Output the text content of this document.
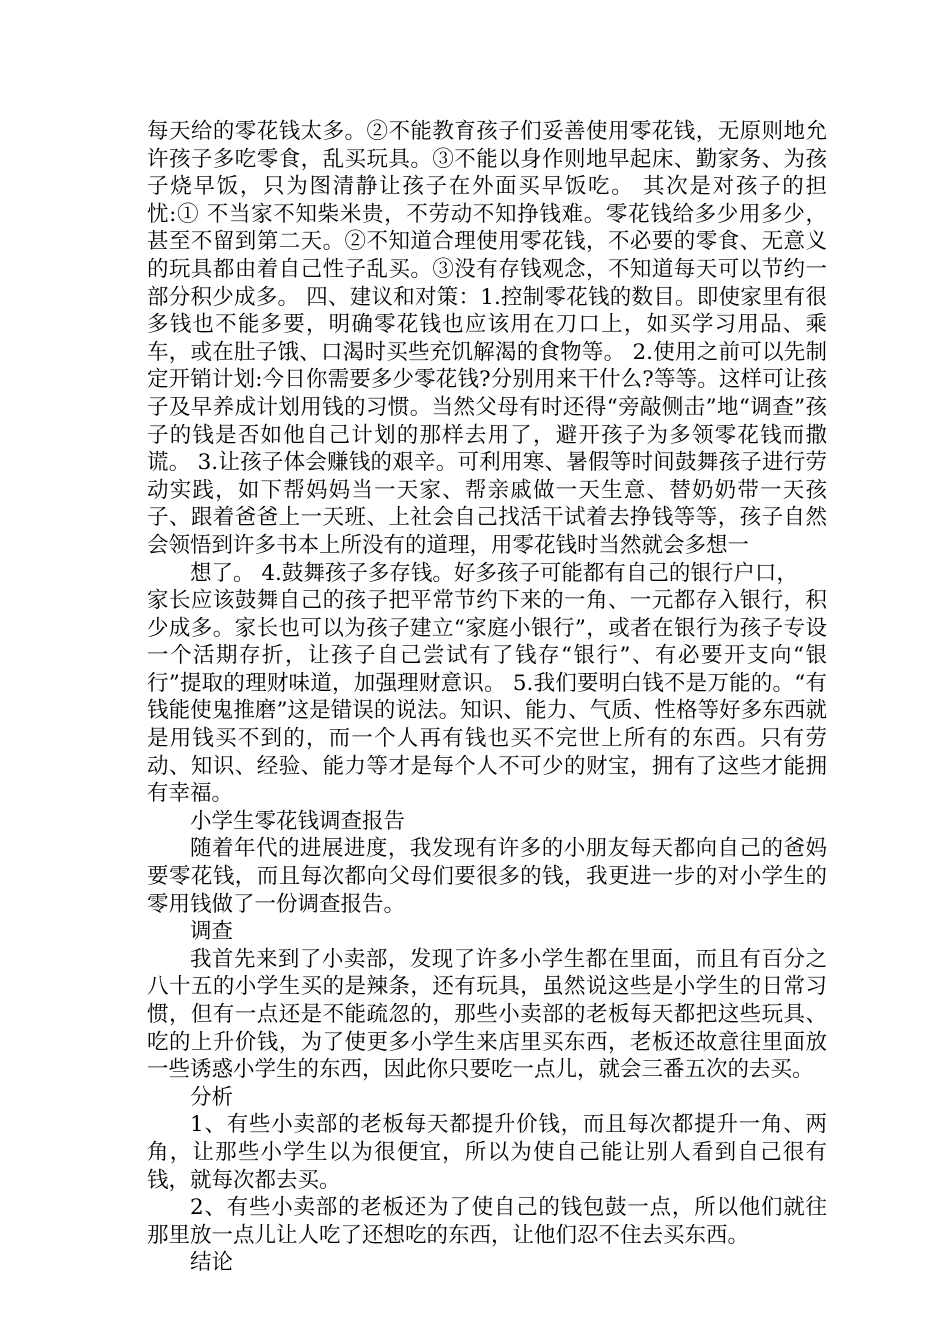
每天给的零花钱太多。②不能教育孩子们妥善使用零花钱，无原则地允许孩子多吃零食，乱买玩具。③不能以身作则地早起床、勤家务、为孩子烧早饭，只为图清静让孩子在外面买早饭吃。 其次是对孩子的担忧:① 不当家不知柴米贵，不劳动不知挣钱难。零花钱给多少用多少，甚至不留到第二天。②不知道合理使用零花钱，不必要的零食、无意义的玩具都由着自己性子乱买。③没有存钱观念，不知道每天可以节约一部分积少成多。 四、建议和对策：1.控制零花钱的数目。即使家里有很多钱也不能多要，明确零花钱也应该用在刀口上，如买学习用品、乘车，或在肚子饿、口渴时买些充饥解渴的食物等。 2.使用之前可以先制定开销计划:今日你需要多少零花钱?分别用来干什么?等等。这样可让孩子及早养成计划用钱的习惯。当然父母有时还得“旁敲侧击”地“调查”孩子的钱是否如他自己计划的那样去用了，避开孩子为多领零花钱而撒谎。 3.让孩子体会赚钱的艰辛。可利用寒、暑假等时间鼓舞孩子进行劳动实践，如下帮妈妈当一天家、帮亲戚做一天生意、替奶奶带一天孩子、跟着爸爸上一天班、上社会自己找活干试着去挣钱等等，孩子自然会领悟到许多书本上所没有的道理，用零花钱时当然就会多想一

想了。 4.鼓舞孩子多存钱。好多孩子可能都有自己的银行户口，

家长应该鼓舞自己的孩子把平常节约下来的一角、一元都存入银行，积少成多。家长也可以为孩子建立“家庭小银行”，或者在银行为孩子专设一个活期存折，让孩子自己尝试有了钱存“银行”、有必要开支向“银行”提取的理财味道，加强理财意识。 5.我们要明白钱不是万能的。“有钱能使鬼推磨”这是错误的说法。知识、能力、气质、性格等好多东西就是用钱买不到的，而一个人再有钱也买不完世上所有的东西。只有劳动、知识、经验、能力等才是每个人不可少的财宝，拥有了这些才能拥有幸福。

小学生零花钱调查报告

随着年代的进展进度，我发现有许多的小朋友每天都向自己的爸妈要零花钱，而且每次都向父母们要很多的钱，我更进一步的对小学生的零用钱做了一份调查报告。

调查

我首先来到了小卖部，发现了许多小学生都在里面，而且有百分之八十五的小学生买的是辣条，还有玩具，虽然说这些是小学生的日常习惯，但有一点还是不能疏忽的，那些小卖部的老板每天都把这些玩具、吃的上升价钱，为了使更多小学生来店里买东西，老板还故意往里面放一些诱惑小学生的东西，因此你只要吃一点儿，就会三番五次的去买。

分析

1、有些小卖部的老板每天都提升价钱，而且每次都提升一角、两角，让那些小学生以为很便宜，所以为使自己能让别人看到自己很有钱，就每次都去买。

2、有些小卖部的老板还为了使自己的钱包鼓一点，所以他们就往那里放一点儿让人吃了还想吃的东西，让他们忍不住去买东西。

结论
